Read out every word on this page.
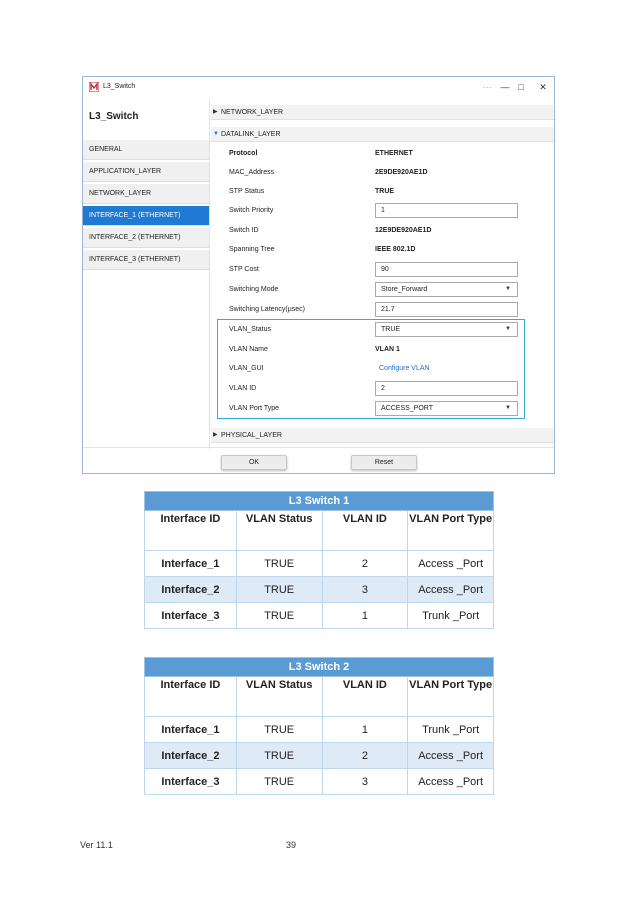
L3_Switch	···	— □	✕
L3_Switch
GENERAL
APPLICATION_LAYER
NETWORK_LAYER
INTERFACE_1 (ETHERNET)
INTERFACE_2 (ETHERNET)
INTERFACE_3 (ETHERNET)
▶ NETWORK_LAYER
▼ DATALINK_LAYER
Protocol	ETHERNET
MAC_Address	2E9DE920AE1D
STP Status	TRUE
Switch Priority	1
Switch ID	12E9DE920AE1D
Spanning Tree	IEEE 802.1D
STP Cost	90
Switching Mode	Store_Forward	▼
Switching Latency(µsec)	21.7
VLAN_Status	TRUE	▼
VLAN Name	VLAN 1
VLAN_GUI	Configure VLAN
VLAN ID	2
VLAN Port Type	ACCESS_PORT	▼
▶ PHYSICAL_LAYER
OK	Reset
L3 Switch 1			
Interface ID	VLAN Status	VLAN ID	VLAN Port Type
Interface_1	TRUE	2	Access _Port
Interface_2	TRUE	3	Access _Port
Interface_3	TRUE	1	Trunk _Port
L3 Switch 2			
Interface ID	VLAN Status	VLAN ID	VLAN Port Type
Interface_1	TRUE	1	Trunk _Port
Interface_2	TRUE	2	Access _Port
Interface_3	TRUE	3	Access _Port
Ver 11.1	39
